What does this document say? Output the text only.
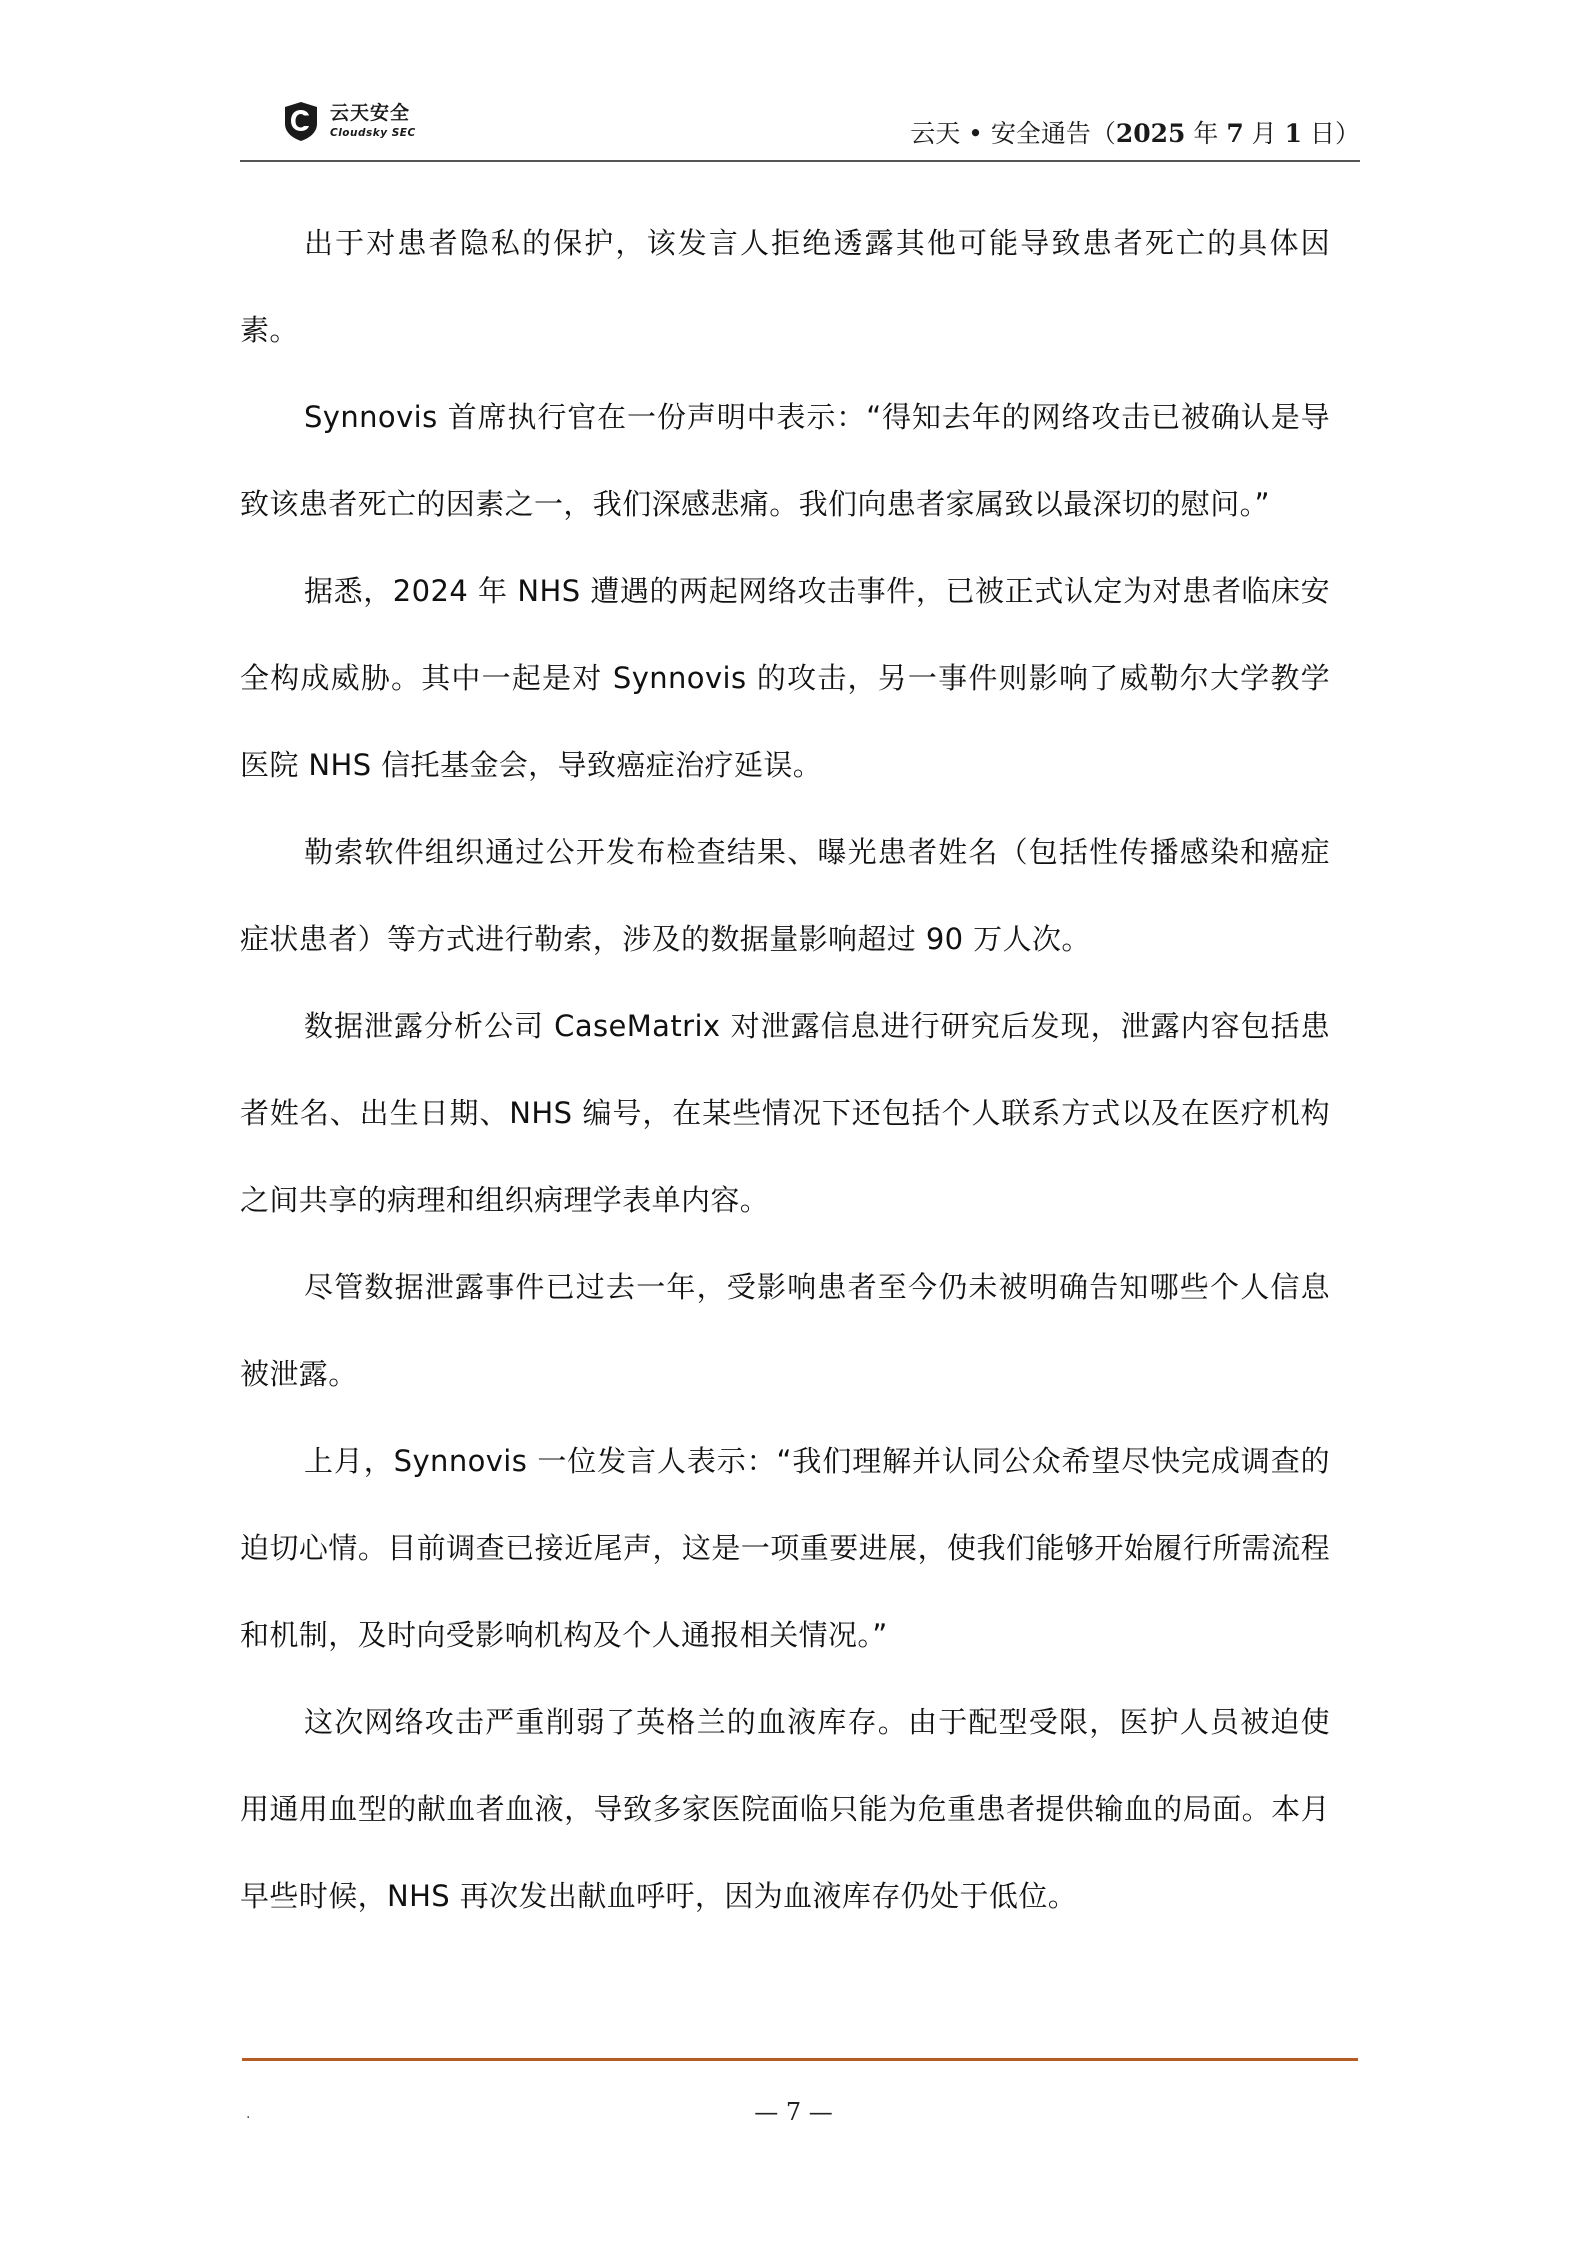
云天安全
Cloudsky SEC	云天 • 安全通告（2025 年 7 月 1 日）

出于对患者隐私的保护，该发言人拒绝透露其他可能导致患者死亡的具体因素。

Synnovis 首席执行官在一份声明中表示：“得知去年的网络攻击已被确认是导致该患者死亡的因素之一，我们深感悲痛。我们向患者家属致以最深切的慰问。”

据悉，2024 年 NHS 遭遇的两起网络攻击事件，已被正式认定为对患者临床安全构成威胁。其中一起是对 Synnovis 的攻击，另一事件则影响了威勒尔大学教学医院 NHS 信托基金会，导致癌症治疗延误。

勒索软件组织通过公开发布检查结果、曝光患者姓名（包括性传播感染和癌症症状患者）等方式进行勒索，涉及的数据量影响超过 90 万人次。

数据泄露分析公司 CaseMatrix 对泄露信息进行研究后发现，泄露内容包括患者姓名、出生日期、NHS 编号，在某些情况下还包括个人联系方式以及在医疗机构之间共享的病理和组织病理学表单内容。

尽管数据泄露事件已过去一年，受影响患者至今仍未被明确告知哪些个人信息被泄露。

上月，Synnovis 一位发言人表示：“我们理解并认同公众希望尽快完成调查的迫切心情。目前调查已接近尾声，这是一项重要进展，使我们能够开始履行所需流程和机制，及时向受影响机构及个人通报相关情况。”

这次网络攻击严重削弱了英格兰的血液库存。由于配型受限，医护人员被迫使用通用血型的献血者血液，导致多家医院面临只能为危重患者提供输血的局面。本月早些时候，NHS 再次发出献血呼吁，因为血液库存仍处于低位。

.	— 7 —
